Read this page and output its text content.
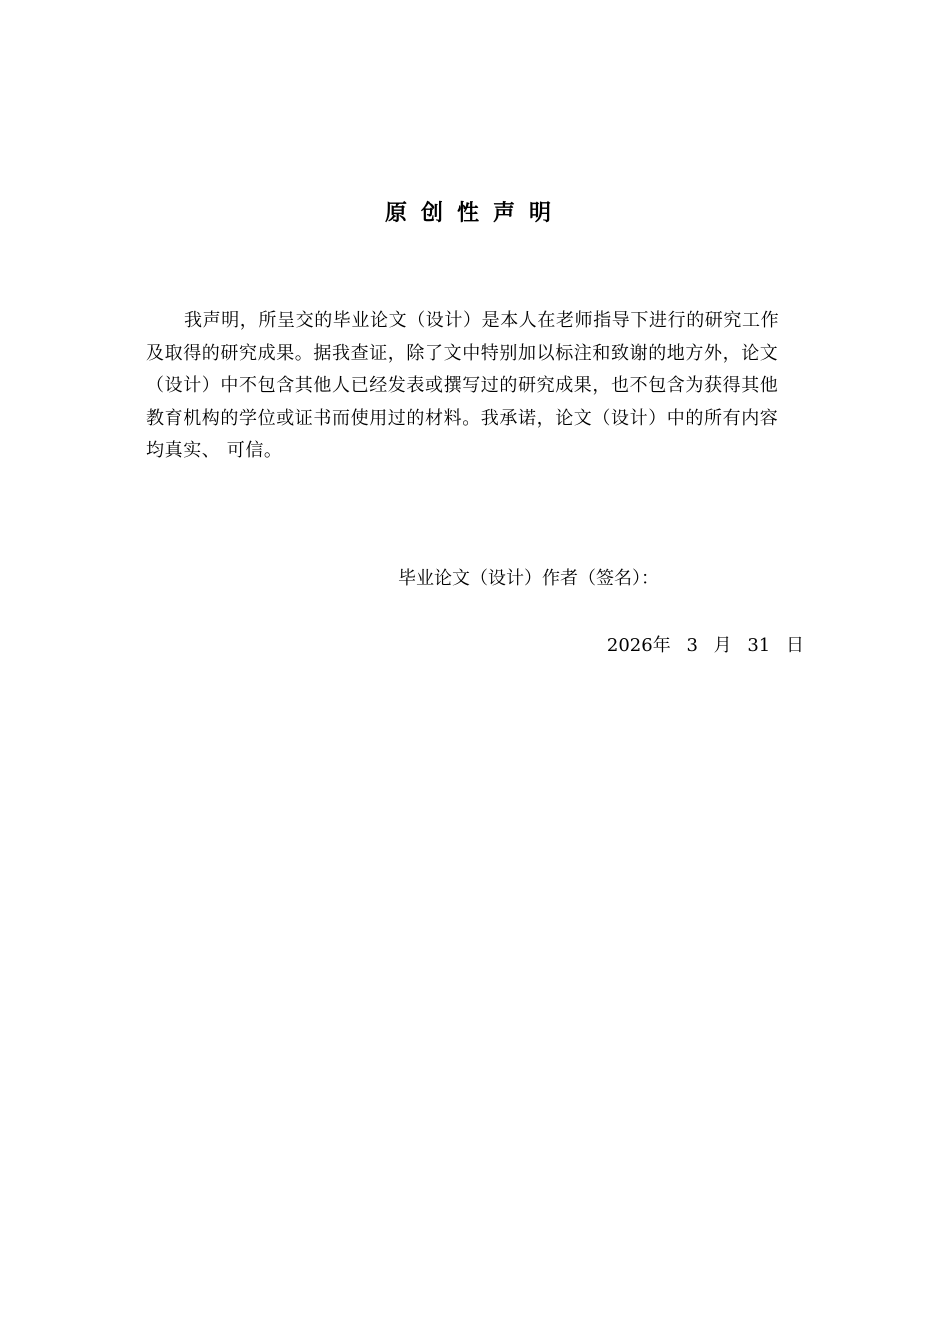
原创性声明
我声明，所呈交的毕业论文（设计）是本人在老师指导下进行的研究工作
及取得的研究成果。据我查证，除了文中特别加以标注和致谢的地方外，论文
（设计）中不包含其他人已经发表或撰写过的研究成果，也不包含为获得其他
教育机构的学位或证书而使用过的材料。我承诺，论文（设计）中的所有内容
均真实、 可信。
毕业论文（设计）作者（签名）：
2026年 3 月 31 日
